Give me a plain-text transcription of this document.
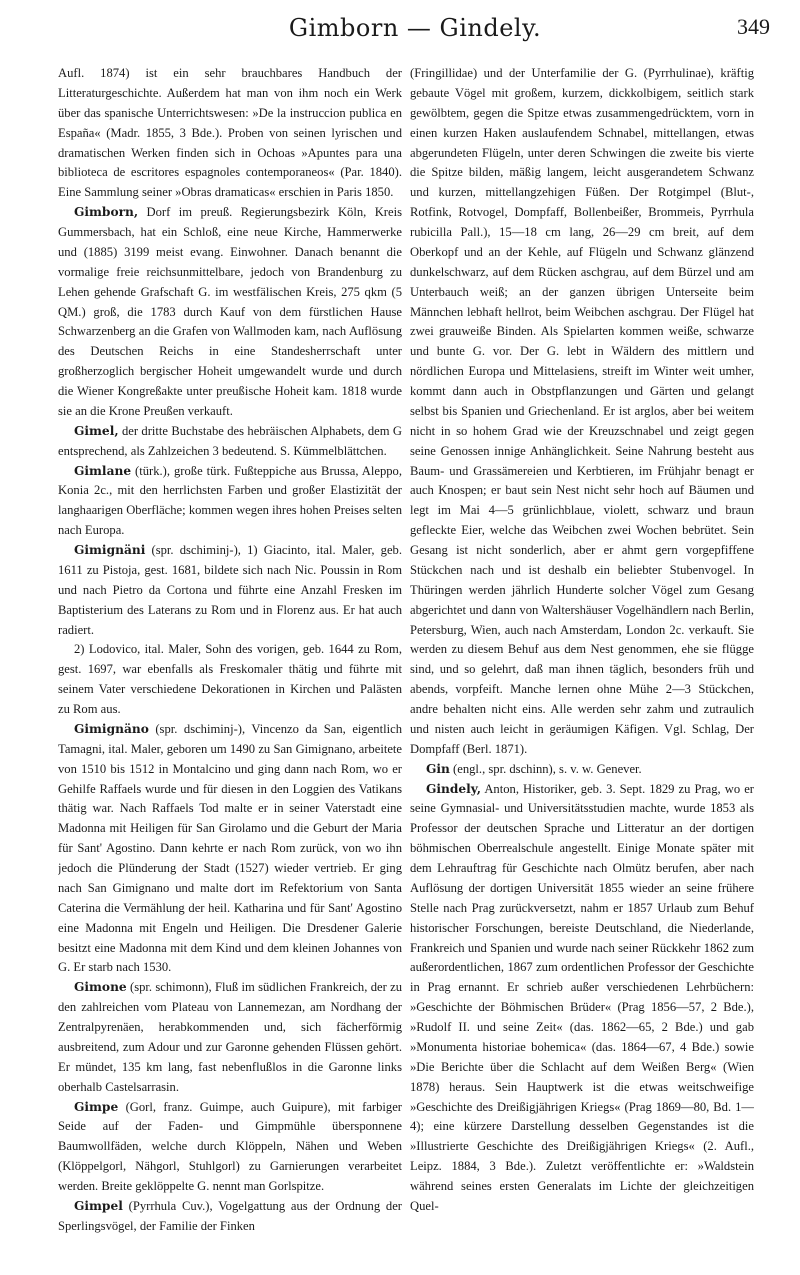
Gimborn — Gindely.	349

Aufl. 1874) ist ein sehr brauchbares Handbuch der Litteraturgeschichte. Außerdem hat man von ihm noch ein Werk über das spanische Unterrichtswesen: »De la instruccion publica en España« (Madr. 1855, 3 Bde.). Proben von seinen lyrischen und dramatischen Werken finden sich in Ochoas »Apuntes para una biblioteca de escritores espagnoles contemporaneos« (Par. 1840). Eine Sammlung seiner »Obras dramaticas« erschien in Paris 1850.

Gimborn, Dorf im preuß. Regierungsbezirk Köln, Kreis Gummersbach, hat ein Schloß, eine neue Kirche, Hammerwerke und (1885) 3199 meist evang. Einwohner. Danach benannt die vormalige freie reichsunmittelbare, jedoch von Brandenburg zu Lehen gehende Grafschaft G. im westfälischen Kreis, 275 qkm (5 QM.) groß, die 1783 durch Kauf von dem fürstlichen Hause Schwarzenberg an die Grafen von Wallmoden kam, nach Auflösung des Deutschen Reichs in eine Standesherrschaft unter großherzoglich bergischer Hoheit umgewandelt wurde und durch die Wiener Kongreßakte unter preußische Hoheit kam. 1818 wurde sie an die Krone Preußen verkauft.

Gimel, der dritte Buchstabe des hebräischen Alphabets, dem G entsprechend, als Zahlzeichen 3 bedeutend. S. Kümmelblättchen.

Gimlane (türk.), große türk. Fußteppiche aus Brussa, Aleppo, Konia 2c., mit den herrlichsten Farben und großer Elastizität der langhaarigen Oberfläche; kommen wegen ihres hohen Preises selten nach Europa.

Gimignäni (spr. dschiminj-), 1) Giacinto, ital. Maler, geb. 1611 zu Pistoja, gest. 1681, bildete sich nach Nic. Poussin in Rom und nach Pietro da Cortona und führte eine Anzahl Fresken im Baptisterium des Laterans zu Rom und in Florenz aus. Er hat auch radiert.

2) Lodovico, ital. Maler, Sohn des vorigen, geb. 1644 zu Rom, gest. 1697, war ebenfalls als Freskomaler thätig und führte mit seinem Vater verschiedene Dekorationen in Kirchen und Palästen zu Rom aus.

Gimignäno (spr. dschiminj-), Vincenzo da San, eigentlich Tamagni, ital. Maler, geboren um 1490 zu San Gimignano, arbeitete von 1510 bis 1512 in Montalcino und ging dann nach Rom, wo er Gehilfe Raffaels wurde und für diesen in den Loggien des Vatikans thätig war. Nach Raffaels Tod malte er in seiner Vaterstadt eine Madonna mit Heiligen für San Girolamo und die Geburt der Maria für Sant' Agostino. Dann kehrte er nach Rom zurück, von wo ihn jedoch die Plünderung der Stadt (1527) wieder vertrieb. Er ging nach San Gimignano und malte dort im Refektorium von Santa Caterina die Vermählung der heil. Katharina und für Sant' Agostino eine Madonna mit Engeln und Heiligen. Die Dresdener Galerie besitzt eine Madonna mit dem Kind und dem kleinen Johannes von G. Er starb nach 1530.

Gimone (spr. schimonn), Fluß im südlichen Frankreich, der zu den zahlreichen vom Plateau von Lannemezan, am Nordhang der Zentralpyrenäen, herabkommenden und, sich fächerförmig ausbreitend, zum Adour und zur Garonne gehenden Flüssen gehört. Er mündet, 135 km lang, fast nebenflußlos in die Garonne links oberhalb Castelsarrasin.

Gimpe (Gorl, franz. Guimpe, auch Guipure), mit farbiger Seide auf der Faden- und Gimpmühle übersponnene Baumwollfäden, welche durch Klöppeln, Nähen und Weben (Klöppelgorl, Nähgorl, Stuhlgorl) zu Garnierungen verarbeitet werden. Breite geklöppelte G. nennt man Gorlspitze.

Gimpel (Pyrrhula Cuv.), Vogelgattung aus der Ordnung der Sperlingsvögel, der Familie der Finken

(Fringillidae) und der Unterfamilie der G. (Pyrrhulinae), kräftig gebaute Vögel mit großem, kurzem, dickkolbigem, seitlich stark gewölbtem, gegen die Spitze etwas zusammengedrücktem, vorn in einen kurzen Haken auslaufendem Schnabel, mittellangen, etwas abgerundeten Flügeln, unter deren Schwingen die zweite bis vierte die Spitze bilden, mäßig langem, leicht ausgerandetem Schwanz und kurzen, mittellangzehigen Füßen. Der Rotgimpel (Blut-, Rotfink, Rotvogel, Dompfaff, Bollenbeißer, Brommeis, Pyrrhula rubicilla Pall.), 15—18 cm lang, 26—29 cm breit, auf dem Oberkopf und an der Kehle, auf Flügeln und Schwanz glänzend dunkelschwarz, auf dem Rücken aschgrau, auf dem Bürzel und am Unterbauch weiß; an der ganzen übrigen Unterseite beim Männchen lebhaft hellrot, beim Weibchen aschgrau. Der Flügel hat zwei grauweiße Binden. Als Spielarten kommen weiße, schwarze und bunte G. vor. Der G. lebt in Wäldern des mittlern und nördlichen Europa und Mittelasiens, streift im Winter weit umher, kommt dann auch in Obstpflanzungen und Gärten und gelangt selbst bis Spanien und Griechenland. Er ist arglos, aber bei weitem nicht in so hohem Grad wie der Kreuzschnabel und zeigt gegen seine Genossen innige Anhänglichkeit. Seine Nahrung besteht aus Baum- und Grassämereien und Kerbtieren, im Frühjahr benagt er auch Knospen; er baut sein Nest nicht sehr hoch auf Bäumen und legt im Mai 4—5 grünlichblaue, violett, schwarz und braun gefleckte Eier, welche das Weibchen zwei Wochen bebrütet. Sein Gesang ist nicht sonderlich, aber er ahmt gern vorgepfiffene Stückchen nach und ist deshalb ein beliebter Stubenvogel. In Thüringen werden jährlich Hunderte solcher Vögel zum Gesang abgerichtet und dann von Waltershäuser Vogelhändlern nach Berlin, Petersburg, Wien, auch nach Amsterdam, London 2c. verkauft. Sie werden zu diesem Behuf aus dem Nest genommen, ehe sie flügge sind, und so gelehrt, daß man ihnen täglich, besonders früh und abends, vorpfeift. Manche lernen ohne Mühe 2—3 Stückchen, andre behalten nicht eins. Alle werden sehr zahm und zutraulich und nisten auch leicht in geräumigen Käfigen. Vgl. Schlag, Der Dompfaff (Berl. 1871).

Gin (engl., spr. dschinn), s. v. w. Genever.

Gindely, Anton, Historiker, geb. 3. Sept. 1829 zu Prag, wo er seine Gymnasial- und Universitätsstudien machte, wurde 1853 als Professor der deutschen Sprache und Litteratur an der dortigen böhmischen Oberrealschule angestellt. Einige Monate später mit dem Lehrauftrag für Geschichte nach Olmütz berufen, aber nach Auflösung der dortigen Universität 1855 wieder an seine frühere Stelle nach Prag zurückversetzt, nahm er 1857 Urlaub zum Behuf historischer Forschungen, bereiste Deutschland, die Niederlande, Frankreich und Spanien und wurde nach seiner Rückkehr 1862 zum außerordentlichen, 1867 zum ordentlichen Professor der Geschichte in Prag ernannt. Er schrieb außer verschiedenen Lehrbüchern: »Geschichte der Böhmischen Brüder« (Prag 1856—57, 2 Bde.), »Rudolf II. und seine Zeit« (das. 1862—65, 2 Bde.) und gab »Monumenta historiae bohemica« (das. 1864—67, 4 Bde.) sowie »Die Berichte über die Schlacht auf dem Weißen Berg« (Wien 1878) heraus. Sein Hauptwerk ist die etwas weitschweifige »Geschichte des Dreißigjährigen Kriegs« (Prag 1869—80, Bd. 1—4); eine kürzere Darstellung desselben Gegenstandes ist die »Illustrierte Geschichte des Dreißigjährigen Kriegs« (2. Aufl., Leipz. 1884, 3 Bde.). Zuletzt veröffentlichte er: »Waldstein während seines ersten Generalats im Lichte der gleichzeitigen Quel-
